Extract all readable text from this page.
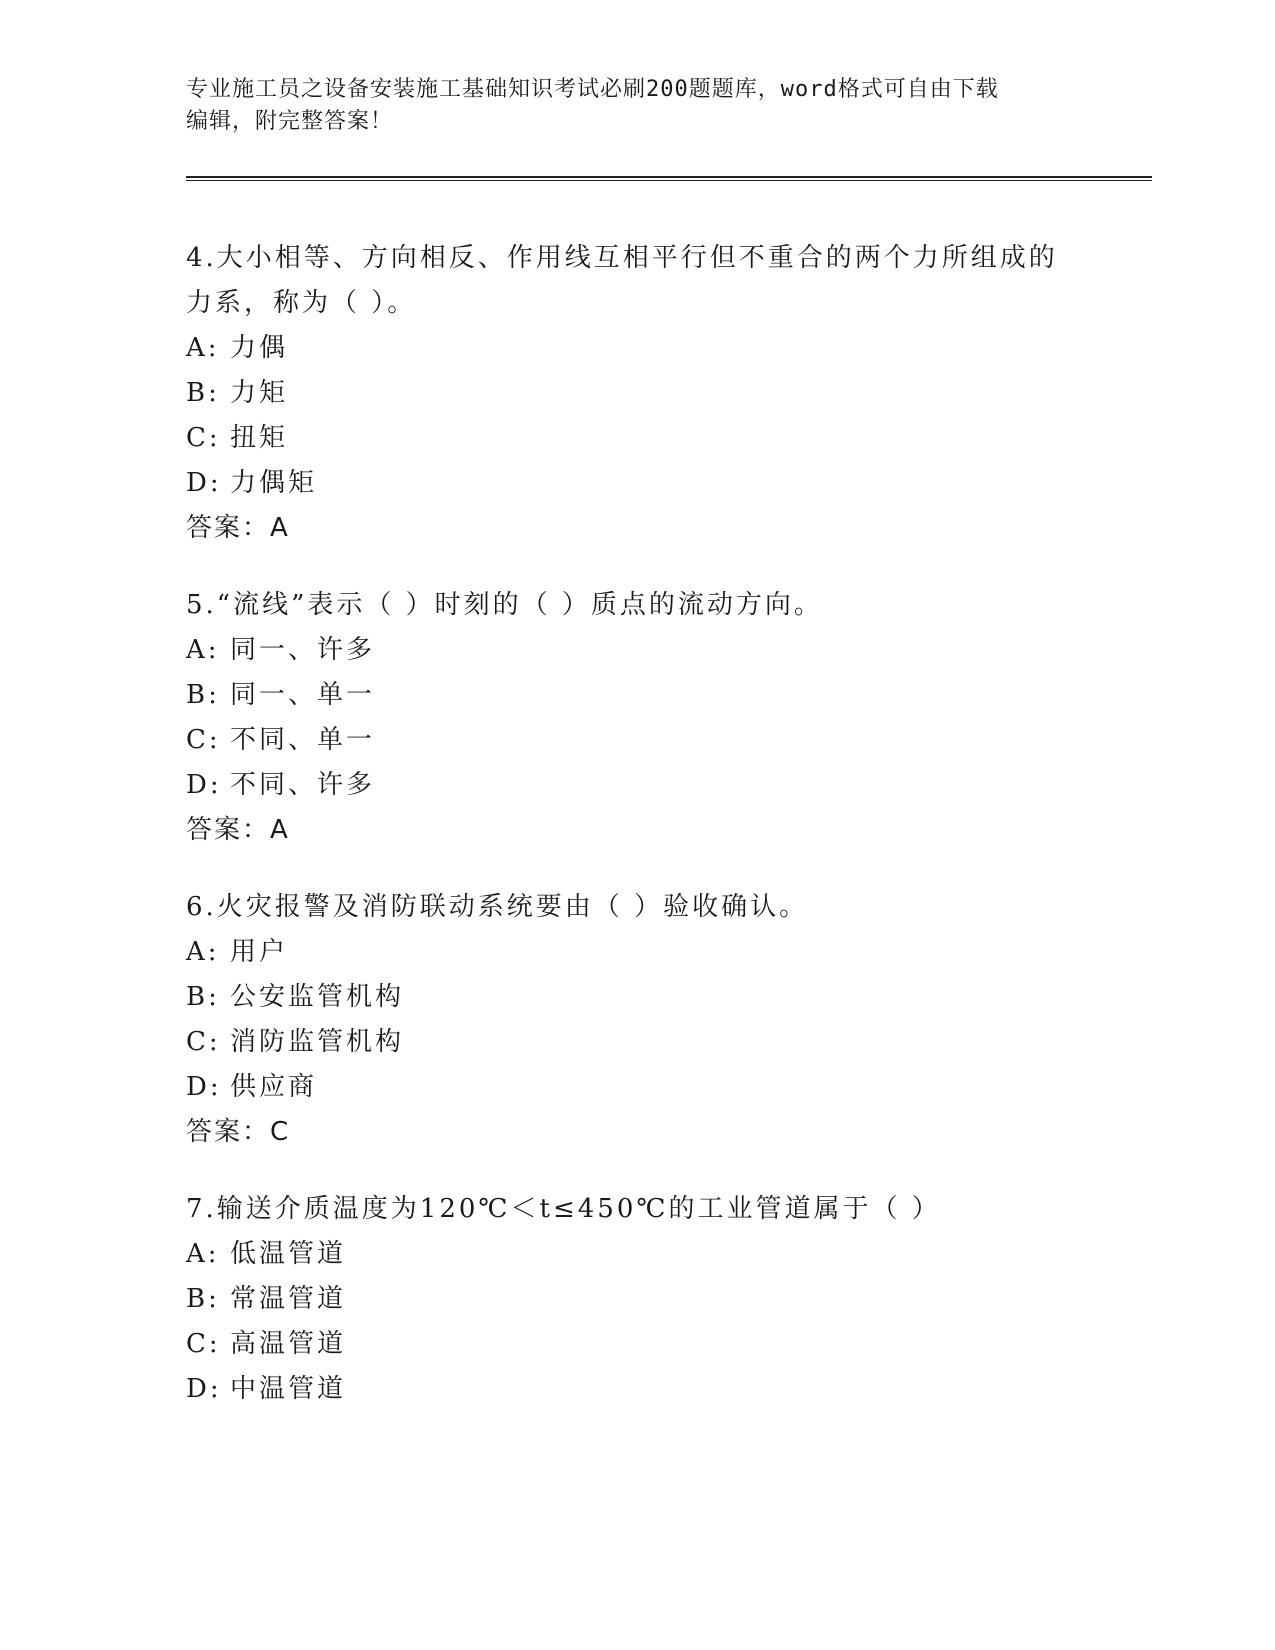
专业施工员之设备安装施工基础知识考试必刷200题题库，word格式可自由下载
编辑，附完整答案！

4.大小相等、方向相反、作用线互相平行但不重合的两个力所组成的
力系，称为（ ）。

A: 力偶

B: 力矩

C: 扭矩

D: 力偶矩

答案：A

5.“流线”表示（ ）时刻的（ ）质点的流动方向。

A: 同一、许多

B: 同一、单一

C: 不同、单一

D: 不同、许多

答案：A

6.火灾报警及消防联动系统要由（ ）验收确认。

A: 用户

B: 公安监管机构

C: 消防监管机构

D: 供应商

答案：C

7.输送介质温度为120℃＜t≤450℃的工业管道属于（ ）

A: 低温管道

B: 常温管道

C: 高温管道

D: 中温管道
